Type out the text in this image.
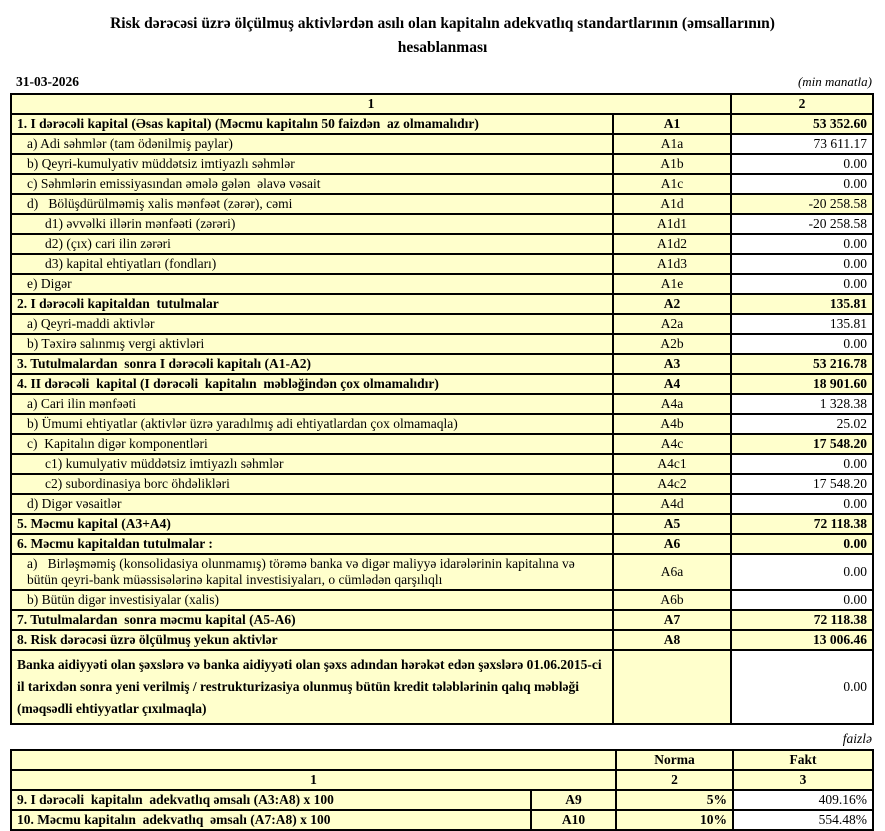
Risk dərəcəsi üzrə ölçülmuş aktivlərdən asılı olan kapitalın adekvatlıq standartlarının (əmsallarının)
hesablanması
31-03-2026	(min manatla)
1		2
1. I dərəcəli kapital (Əsas kapital) (Məcmu kapitalın 50 faizdən  az olmamalıdır)	A1	53 352.60
a) Adi səhmlər (tam ödənilmiş paylar)	A1a	73 611.17
b) Qeyri-kumulyativ müddətsiz imtiyazlı səhmlər	A1b	0.00
c) Səhmlərin emissiyasından əmələ gələn  əlavə vəsait	A1c	0.00
d)   Bölüşdürülməmiş xalis mənfəət (zərər), cəmi	A1d	-20 258.58
d1) əvvəlki illərin mənfəəti (zərəri)	A1d1	-20 258.58
d2) (çıx) cari ilin zərəri	A1d2	0.00
d3) kapital ehtiyatları (fondları)	A1d3	0.00
e) Digər	A1e	0.00
2. I dərəcəli kapitaldan  tutulmalar	A2	135.81
a) Qeyri-maddi aktivlər	A2a	135.81
b) Təxirə salınmış vergi aktivləri	A2b	0.00
3. Tutulmalardan  sonra I dərəcəli kapitalı (A1-A2)	A3	53 216.78
4. II dərəcəli  kapital (I dərəcəli  kapitalın  məbləğindən çox olmamalıdır)	A4	18 901.60
a) Cari ilin mənfəəti	A4a	1 328.38
b) Ümumi ehtiyatlar (aktivlər üzrə yaradılmış adi ehtiyatlardan çox olmamaqla)	A4b	25.02
c)  Kapitalın digər komponentləri	A4c	17 548.20
c1) kumulyativ müddətsiz imtiyazlı səhmlər	A4c1	0.00
c2) subordinasiya borc öhdəlikləri	A4c2	17 548.20
d) Digər vəsaitlər	A4d	0.00
5. Məcmu kapital (A3+A4)	A5	72 118.38
6. Məcmu kapitaldan tutulmalar :	A6	0.00
a)   Birləşməmiş (konsolidasiya olunmamış) törəmə banka və digər maliyyə idarələrinin kapitalına və bütün qeyri-bank müəssisələrinə kapital investisiyaları, o cümlədən qarşılıqlı	A6a	0.00
b) Bütün digər investisiyalar (xalis)	A6b	0.00
7. Tutulmalardan  sonra məcmu kapital (A5-A6)	A7	72 118.38
8. Risk dərəcəsi üzrə ölçülmuş yekun aktivlər	A8	13 006.46
Banka aidiyyəti olan şəxslərə və banka aidiyyəti olan şəxs adından hərəkət edən şəxslərə 01.06.2015-ci il tarixdən sonra yeni verilmiş / restrukturizasiya olunmuş bütün kredit tələblərinin qalıq məbləği (məqsədli ehtiyyatlar çıxılmaqla)		0.00
faizlə
		Norma	Fakt
1		2	3
9. I dərəcəli  kapitalın  adekvatlıq əmsalı (A3:A8) x 100	A9	5%	409.16%
10. Məcmu kapitalın  adekvatlıq  əmsalı (A7:A8) x 100	A10	10%	554.48%
